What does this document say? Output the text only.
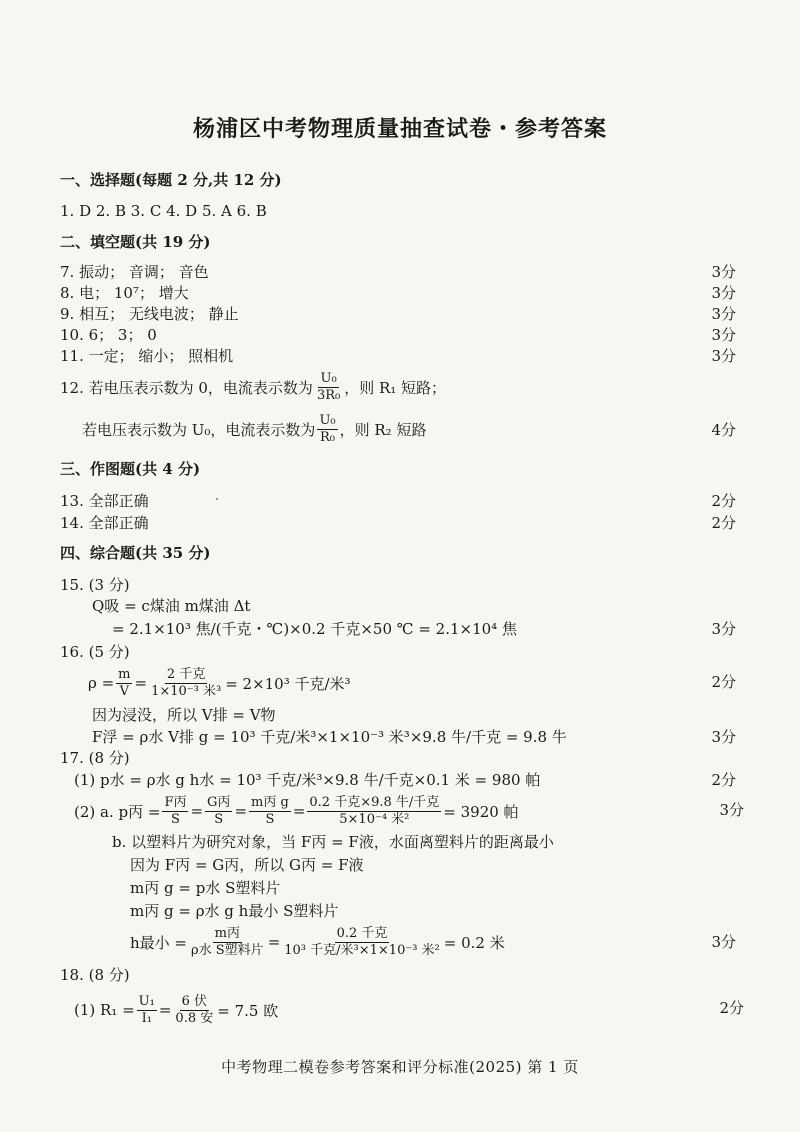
杨浦区中考物理质量抽查试卷・参考答案
一、选择题(每题 2 分,共 12 分)
1. D 2. B 3. C 4. D 5. A 6. B
二、填空题(共 19 分)
7. 振动； 音调； 音色	3分
8. 电； 10⁷； 增大	3分
9. 相互； 无线电波； 静止	3分
10. 6； 3； 0	3分
11. 一定； 缩小； 照相机	3分
12. 若电压表示数为 0，电流表示数为 $\frac{\text{U₀}}{\text{3R₀}}$ ，则 R₁ 短路；
若电压表示数为 U₀，电流表示数为 $\frac{\text{U₀}}{\text{R₀}}$ ，则 R₂ 短路	4分
三、作图题(共 4 分)
13. 全部正确	2分
14. 全部正确	2分
四、综合题(共 35 分)
15. (3 分)
Q吸 = c煤油 m煤油 Δt
= 2.1×10³ 焦/(千克・℃)×0.2 千克×50 ℃ = 2.1×10⁴ 焦	3分
16. (5 分)
$\rho = \frac{m}{V} = \frac{\text{2 千克}}{\text{1×10⁻³ 米³}} = 2\times 10^3$ 千克/米³	2分
因为浸没，所以 V排 = V物
F浮 = ρ水 V排 g = 10³ 千克/米³×1×10⁻³ 米³×9.8 牛/千克 = 9.8 牛	3分
17. (8 分)
(1) p水 = ρ水 g h水 = 10³ 千克/米³×9.8 牛/千克×0.1 米 = 980 帕	2分
(2) a. p丙 = $\frac{\text{F丙}}{S} = \frac{\text{G丙}}{S} = \frac{\text{m丙 g}}{S} = \frac{\text{0.2 千克×9.8 牛/千克}}{\text{5×10⁻⁴ 米²}} = 3920$ 帕	3分
b. 以塑料片为研究对象，当 F丙 = F液，水面离塑料片的距离最小
因为 F丙 = G丙，所以 G丙 = F液
m丙 g = p水 S塑料片
m丙 g = ρ水 g h最小 S塑料片
h最小 = $\frac{\text{m丙}}{\text{ρ水 S塑料片}} = \frac{\text{0.2 千克}}{\text{10³ 千克/米³×1×10⁻³ 米²}} = 0.2$ 米	3分
18. (8 分)
(1) $R_1 = \frac{\text{U₁}}{\text{I₁}} = \frac{\text{6 伏}}{\text{0.8 安}} = 7.5$ 欧	2分
中考物理二模卷参考答案和评分标准(2025) 第 1 页
